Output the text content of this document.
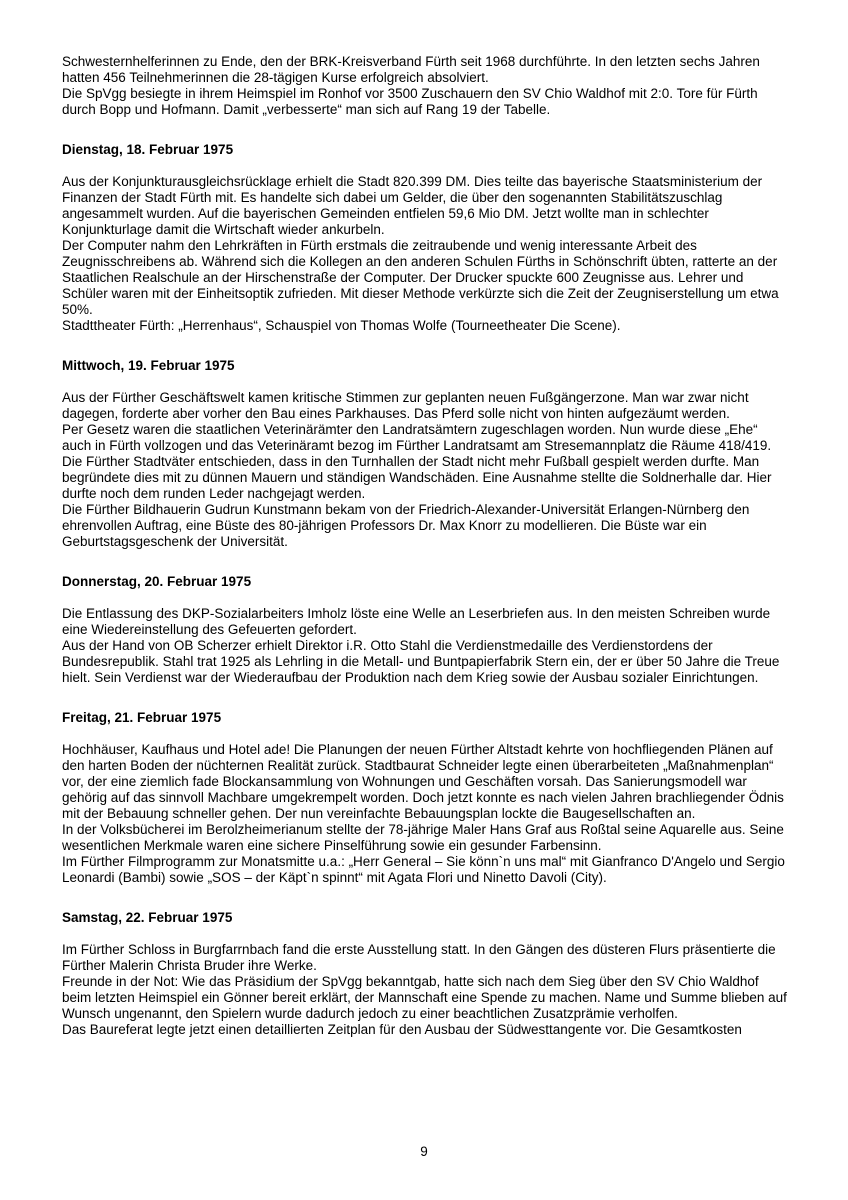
Schwesternhelferinnen zu Ende, den der BRK-Kreisverband Fürth seit 1968 durchführte. In den letzten sechs Jahren hatten 456 Teilnehmerinnen die 28-tägigen Kurse erfolgreich absolviert.

Die SpVgg besiegte in ihrem Heimspiel im Ronhof vor 3500 Zuschauern den SV Chio Waldhof mit 2:0. Tore für Fürth durch Bopp und Hofmann. Damit „verbesserte“ man sich auf Rang 19 der Tabelle.

Dienstag, 18. Februar 1975

Aus der Konjunkturausgleichsrücklage erhielt die Stadt 820.399 DM. Dies teilte das bayerische Staatsministerium der Finanzen der Stadt Fürth mit. Es handelte sich dabei um Gelder, die über den sogenannten Stabilitätszuschlag angesammelt wurden. Auf die bayerischen Gemeinden entfielen 59,6 Mio DM. Jetzt wollte man in schlechter Konjunkturlage damit die Wirtschaft wieder ankurbeln.

Der Computer nahm den Lehrkräften in Fürth erstmals die zeitraubende und wenig interessante Arbeit des Zeugnisschreibens ab. Während sich die Kollegen an den anderen Schulen Fürths in Schönschrift übten, ratterte an der Staatlichen Realschule an der Hirschenstraße der Computer. Der Drucker spuckte 600 Zeugnisse aus. Lehrer und Schüler waren mit der Einheitsoptik zufrieden. Mit dieser Methode verkürzte sich die Zeit der Zeugniserstellung um etwa 50%.

Stadttheater Fürth: „Herrenhaus“, Schauspiel von Thomas Wolfe (Tourneetheater Die Scene).

Mittwoch, 19. Februar 1975

Aus der Fürther Geschäftswelt kamen kritische Stimmen zur geplanten neuen Fußgängerzone. Man war zwar nicht dagegen, forderte aber vorher den Bau eines Parkhauses. Das Pferd solle nicht von hinten aufgezäumt werden.

Per Gesetz waren die staatlichen Veterinärämter den Landratsämtern zugeschlagen worden. Nun wurde diese „Ehe“ auch in Fürth vollzogen und das Veterinäramt bezog im Fürther Landratsamt am Stresemannplatz die Räume 418/419.

Die Fürther Stadtväter entschieden, dass in den Turnhallen der Stadt nicht mehr Fußball gespielt werden durfte. Man begründete dies mit zu dünnen Mauern und ständigen Wandschäden. Eine Ausnahme stellte die Soldnerhalle dar. Hier durfte noch dem runden Leder nachgejagt werden.

Die Fürther Bildhauerin Gudrun Kunstmann bekam von der Friedrich-Alexander-Universität Erlangen-Nürnberg den ehrenvollen Auftrag, eine Büste des 80-jährigen Professors Dr. Max Knorr zu modellieren. Die Büste war ein Geburtstagsgeschenk der Universität.

Donnerstag, 20. Februar 1975

Die Entlassung des DKP-Sozialarbeiters Imholz löste eine Welle an Leserbriefen aus. In den meisten Schreiben wurde eine Wiedereinstellung des Gefeuerten gefordert.

Aus der Hand von OB Scherzer erhielt Direktor i.R. Otto Stahl die Verdienstmedaille des Verdienstordens der Bundesrepublik. Stahl trat 1925 als Lehrling in die Metall- und Buntpapierfabrik Stern ein, der er über 50 Jahre die Treue hielt. Sein Verdienst war der Wiederaufbau der Produktion nach dem Krieg sowie der Ausbau sozialer Einrichtungen.

Freitag, 21. Februar 1975

Hochhäuser, Kaufhaus und Hotel ade! Die Planungen der neuen Fürther Altstadt kehrte von hochfliegenden Plänen auf den harten Boden der nüchternen Realität zurück. Stadtbaurat Schneider legte einen überarbeiteten „Maßnahmenplan“ vor, der eine ziemlich fade Blockansammlung von Wohnungen und Geschäften vorsah. Das Sanierungsmodell war gehörig auf das sinnvoll Machbare umgekrempelt worden. Doch jetzt konnte es nach vielen Jahren brachliegender Ödnis mit der Bebauung schneller gehen. Der nun vereinfachte Bebauungsplan lockte die Baugesellschaften an.

In der Volksbücherei im Berolzheimerianum stellte der 78-jährige Maler Hans Graf aus Roßtal seine Aquarelle aus. Seine wesentlichen Merkmale waren eine sichere Pinselführung sowie ein gesunder Farbensinn.

Im Fürther Filmprogramm zur Monatsmitte u.a.: „Herr General – Sie könn`n uns mal“ mit Gianfranco D'Angelo und Sergio Leonardi (Bambi) sowie „SOS – der Käpt`n spinnt“ mit Agata Flori und Ninetto Davoli (City).

Samstag, 22. Februar 1975

Im Fürther Schloss in Burgfarrnbach fand die erste Ausstellung statt. In den Gängen des düsteren Flurs präsentierte die Fürther Malerin Christa Bruder ihre Werke.

Freunde in der Not: Wie das Präsidium der SpVgg bekanntgab, hatte sich nach dem Sieg über den SV Chio Waldhof beim letzten Heimspiel ein Gönner bereit erklärt, der Mannschaft eine Spende zu machen. Name und Summe blieben auf Wunsch ungenannt, den Spielern wurde dadurch jedoch zu einer beachtlichen Zusatzprämie verholfen.

Das Baureferat legte jetzt einen detaillierten Zeitplan für den Ausbau der Südwesttangente vor. Die Gesamtkosten

9
